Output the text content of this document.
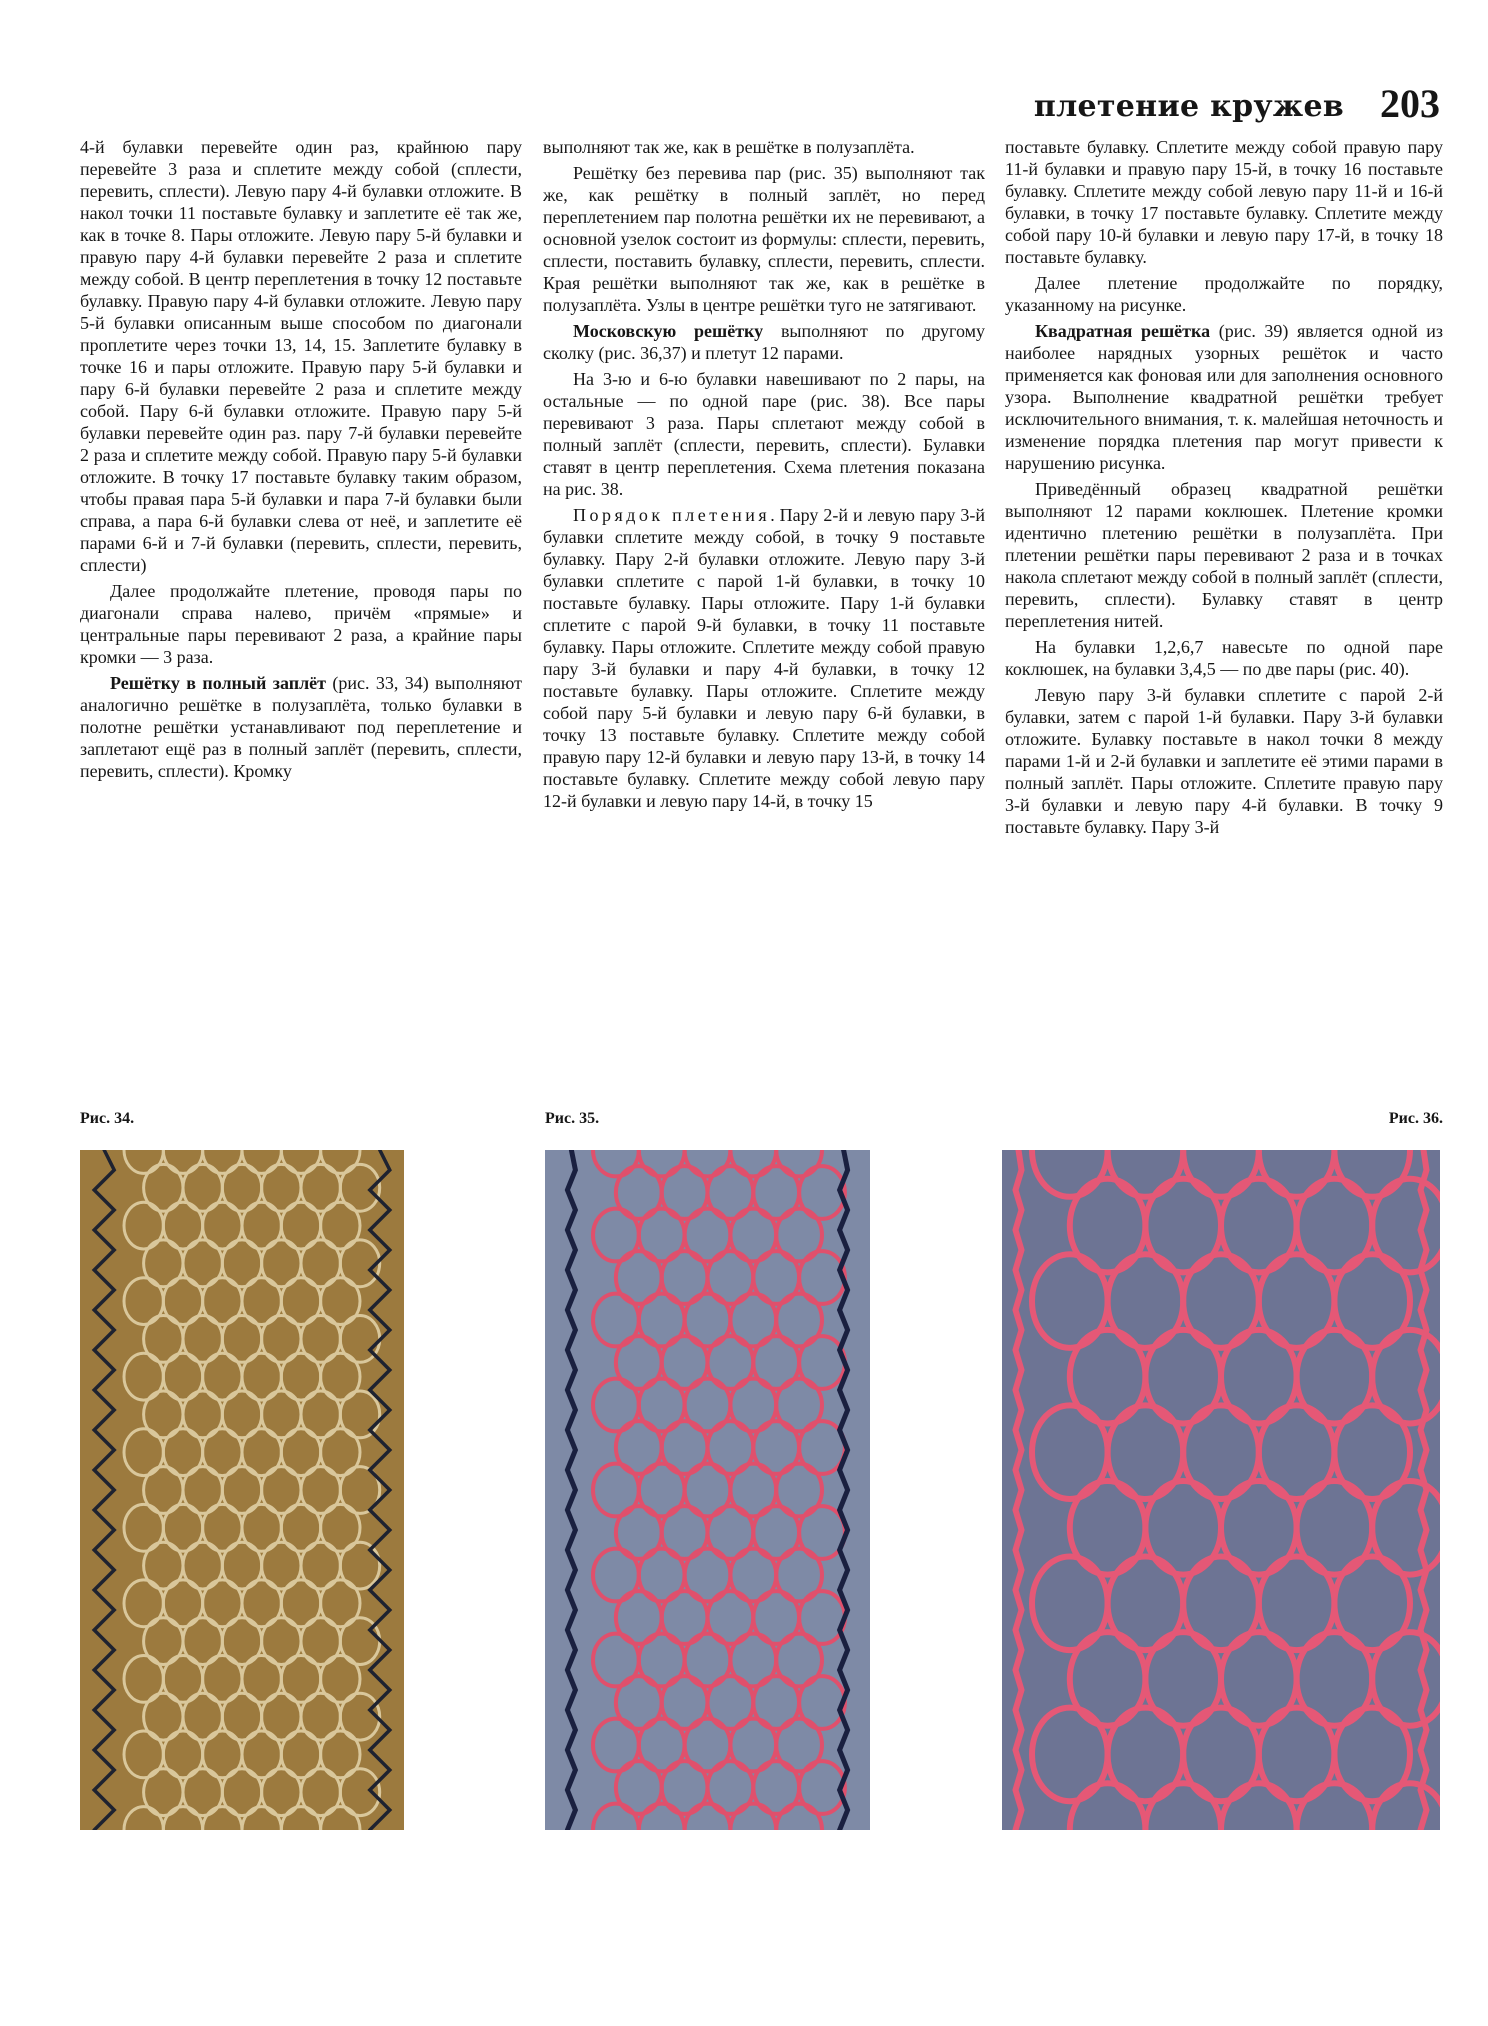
плетение кружев 203

4-й булавки перевейте один раз, крайнюю пару перевейте 3 раза и сплетите между собой (сплести, перевить, сплести). Левую пару 4-й булавки отложите. В накол точки 11 поставьте булавку и заплетите её так же, как в точке 8. Пары отложите. Левую пару 5-й булавки и правую пару 4-й булавки перевейте 2 раза и сплетите между собой. В центр переплетения в точку 12 поставьте булавку. Правую пару 4-й булавки отложите. Левую пару 5-й булавки описанным выше способом по диагонали проплетите через точки 13, 14, 15. Заплетите булавку в точке 16 и пары отложите. Правую пару 5-й булавки и пару 6-й булавки перевейте 2 раза и сплетите между собой. Пару 6-й булавки отложите. Правую пару 5-й булавки перевейте один раз. пару 7-й булавки перевейте 2 раза и сплетите между собой. Правую пару 5-й булавки отложите. В точку 17 поставьте булавку таким образом, чтобы правая пара 5-й булавки и пара 7-й булавки были справа, а пара 6-й булавки слева от неё, и заплетите её парами 6-й и 7-й булавки (перевить, сплести, перевить, сплести)

Далее продолжайте плетение, проводя пары по диагонали справа налево, причём «прямые» и центральные пары перевивают 2 раза, а крайние пары кромки — 3 раза.

Решётку в полный заплёт (рис. 33, 34) выполняют аналогично решётке в полузаплёта, только булавки в полотне решётки устанавливают под переплетение и заплетают ещё раз в полный заплёт (перевить, сплести, перевить, сплести). Кромку

выполняют так же, как в решётке в полузаплёта.

Решётку без перевива пар (рис. 35) выполняют так же, как решётку в полный заплёт, но перед переплетением пар полотна решётки их не перевивают, а основной узелок состоит из формулы: сплести, перевить, сплести, поставить булавку, сплести, перевить, сплести. Края решётки выполняют так же, как в решётке в полузаплёта. Узлы в центре решётки туго не затягивают.

Московскую решётку выполняют по другому сколку (рис. 36,37) и плетут 12 парами.

На 3-ю и 6-ю булавки навешивают по 2 пары, на остальные — по одной паре (рис. 38). Все пары перевивают 3 раза. Пары сплетают между собой в полный заплёт (сплести, перевить, сплести). Булавки ставят в центр переплетения. Схема плетения показана на рис. 38.

Порядок плетения. Пару 2-й и левую пару 3-й булавки сплетите между собой, в точку 9 поставьте булавку. Пару 2-й булавки отложите. Левую пару 3-й булавки сплетите с парой 1-й булавки, в точку 10 поставьте булавку. Пары отложите. Пару 1-й булавки сплетите с парой 9-й булавки, в точку 11 поставьте булавку. Пары отложите. Сплетите между собой правую пару 3-й булавки и пару 4-й булавки, в точку 12 поставьте булавку. Пары отложите. Сплетите между собой пару 5-й булавки и левую пару 6-й булавки, в точку 13 поставьте булавку. Сплетите между собой правую пару 12-й булавки и левую пару 13-й, в точку 14 поставьте булавку. Сплетите между собой левую пару 12-й булавки и левую пару 14-й, в точку 15

поставьте булавку. Сплетите между собой правую пару 11-й булавки и правую пару 15-й, в точку 16 поставьте булавку. Сплетите между собой левую пару 11-й и 16-й булавки, в точку 17 поставьте булавку. Сплетите между собой пару 10-й булавки и левую пару 17-й, в точку 18 поставьте булавку.

Далее плетение продолжайте по порядку, указанному на рисунке.

Квадратная решётка (рис. 39) является одной из наиболее нарядных узорных решёток и часто применяется как фоновая или для заполнения основного узора. Выполнение квадратной решётки требует исключительного внимания, т. к. малейшая неточность и изменение порядка плетения пар могут привести к нарушению рисунка.

Приведённый образец квадратной решётки выполняют 12 парами коклюшек. Плетение кромки идентично плетению решётки в полузаплёта. При плетении решётки пары перевивают 2 раза и в точках накола сплетают между собой в полный заплёт (сплести, перевить, сплести). Булавку ставят в центр переплетения нитей.

На булавки 1,2,6,7 навесьте по одной паре коклюшек, на булавки 3,4,5 — по две пары (рис. 40).

Левую пару 3-й булавки сплетите с парой 2-й булавки, затем с парой 1-й булавки. Пару 3-й булавки отложите. Булавку поставьте в накол точки 8 между парами 1-й и 2-й булавки и заплетите её этими парами в полный заплёт. Пары отложите. Сплетите правую пару 3-й булавки и левую пару 4-й булавки. В точку 9 поставьте булавку. Пару 3-й

Рис. 34.	Рис. 35.	Рис. 36.
